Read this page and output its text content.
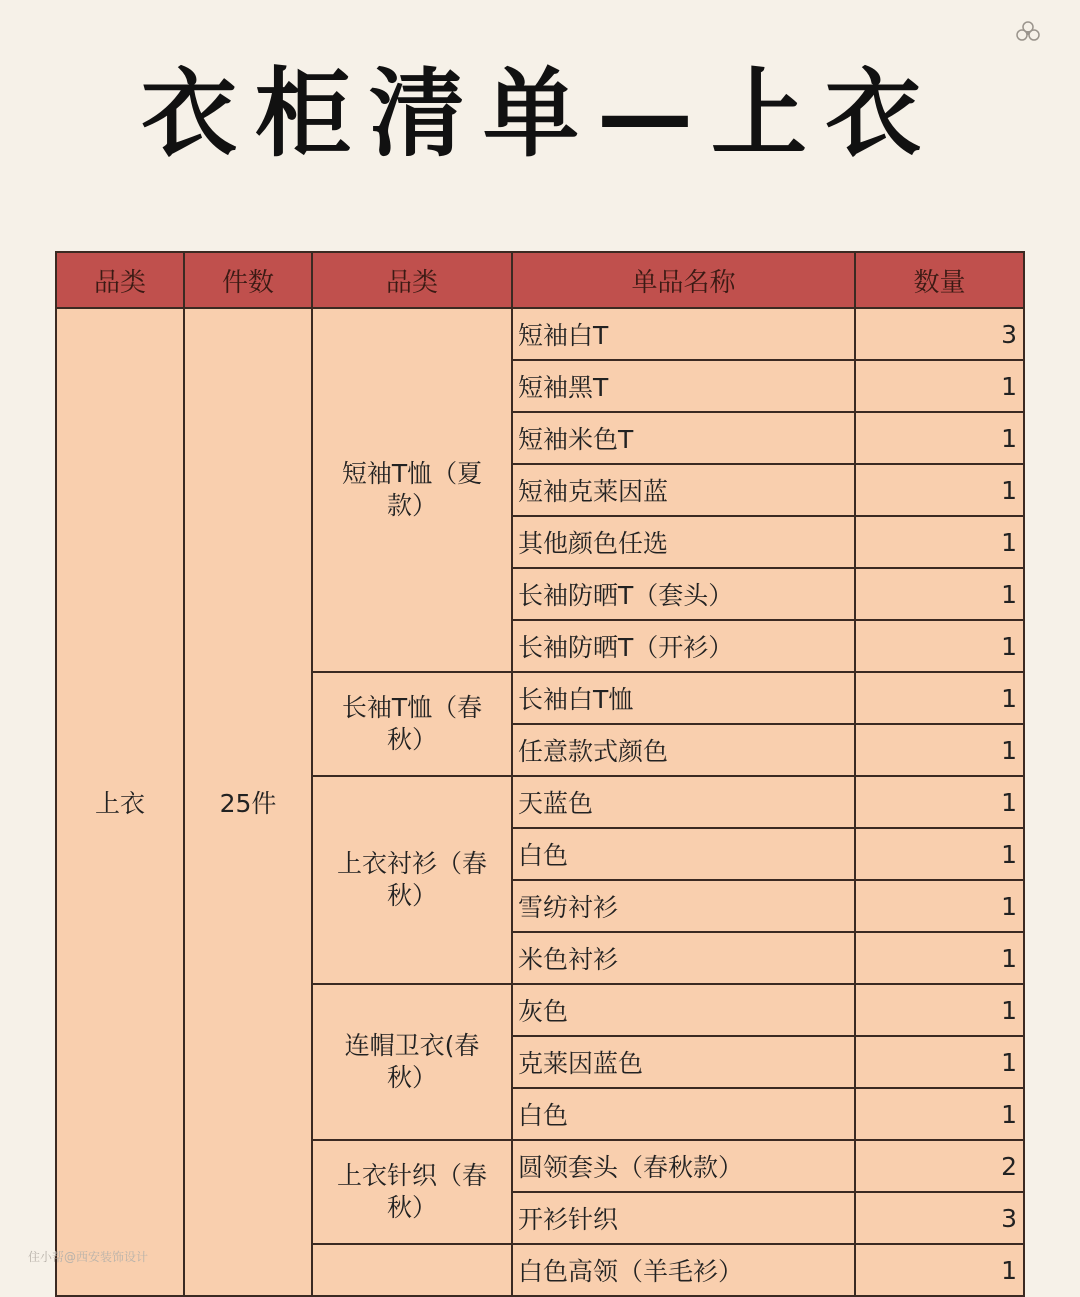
衣柜清单—上衣
品类	件数	品类	单品名称	数量
上衣	25件	短袖T恤（夏款）	短袖白T	3
			短袖黑T	1
			短袖米色T	1
			短袖克莱因蓝	1
			其他颜色任选	1
			长袖防晒T（套头）	1
			长袖防晒T（开衫）	1
		长袖T恤（春秋）	长袖白T恤	1
			任意款式颜色	1
		上衣衬衫（春秋）	天蓝色	1
			白色	1
			雪纺衬衫	1
			米色衬衫	1
		连帽卫衣(春秋）	灰色	1
			克莱因蓝色	1
			白色	1
		上衣针织（春秋）	圆领套头（春秋款）	2
			开衫针织	3
			白色高领（羊毛衫）	1
住小帮@西安装饰设计
